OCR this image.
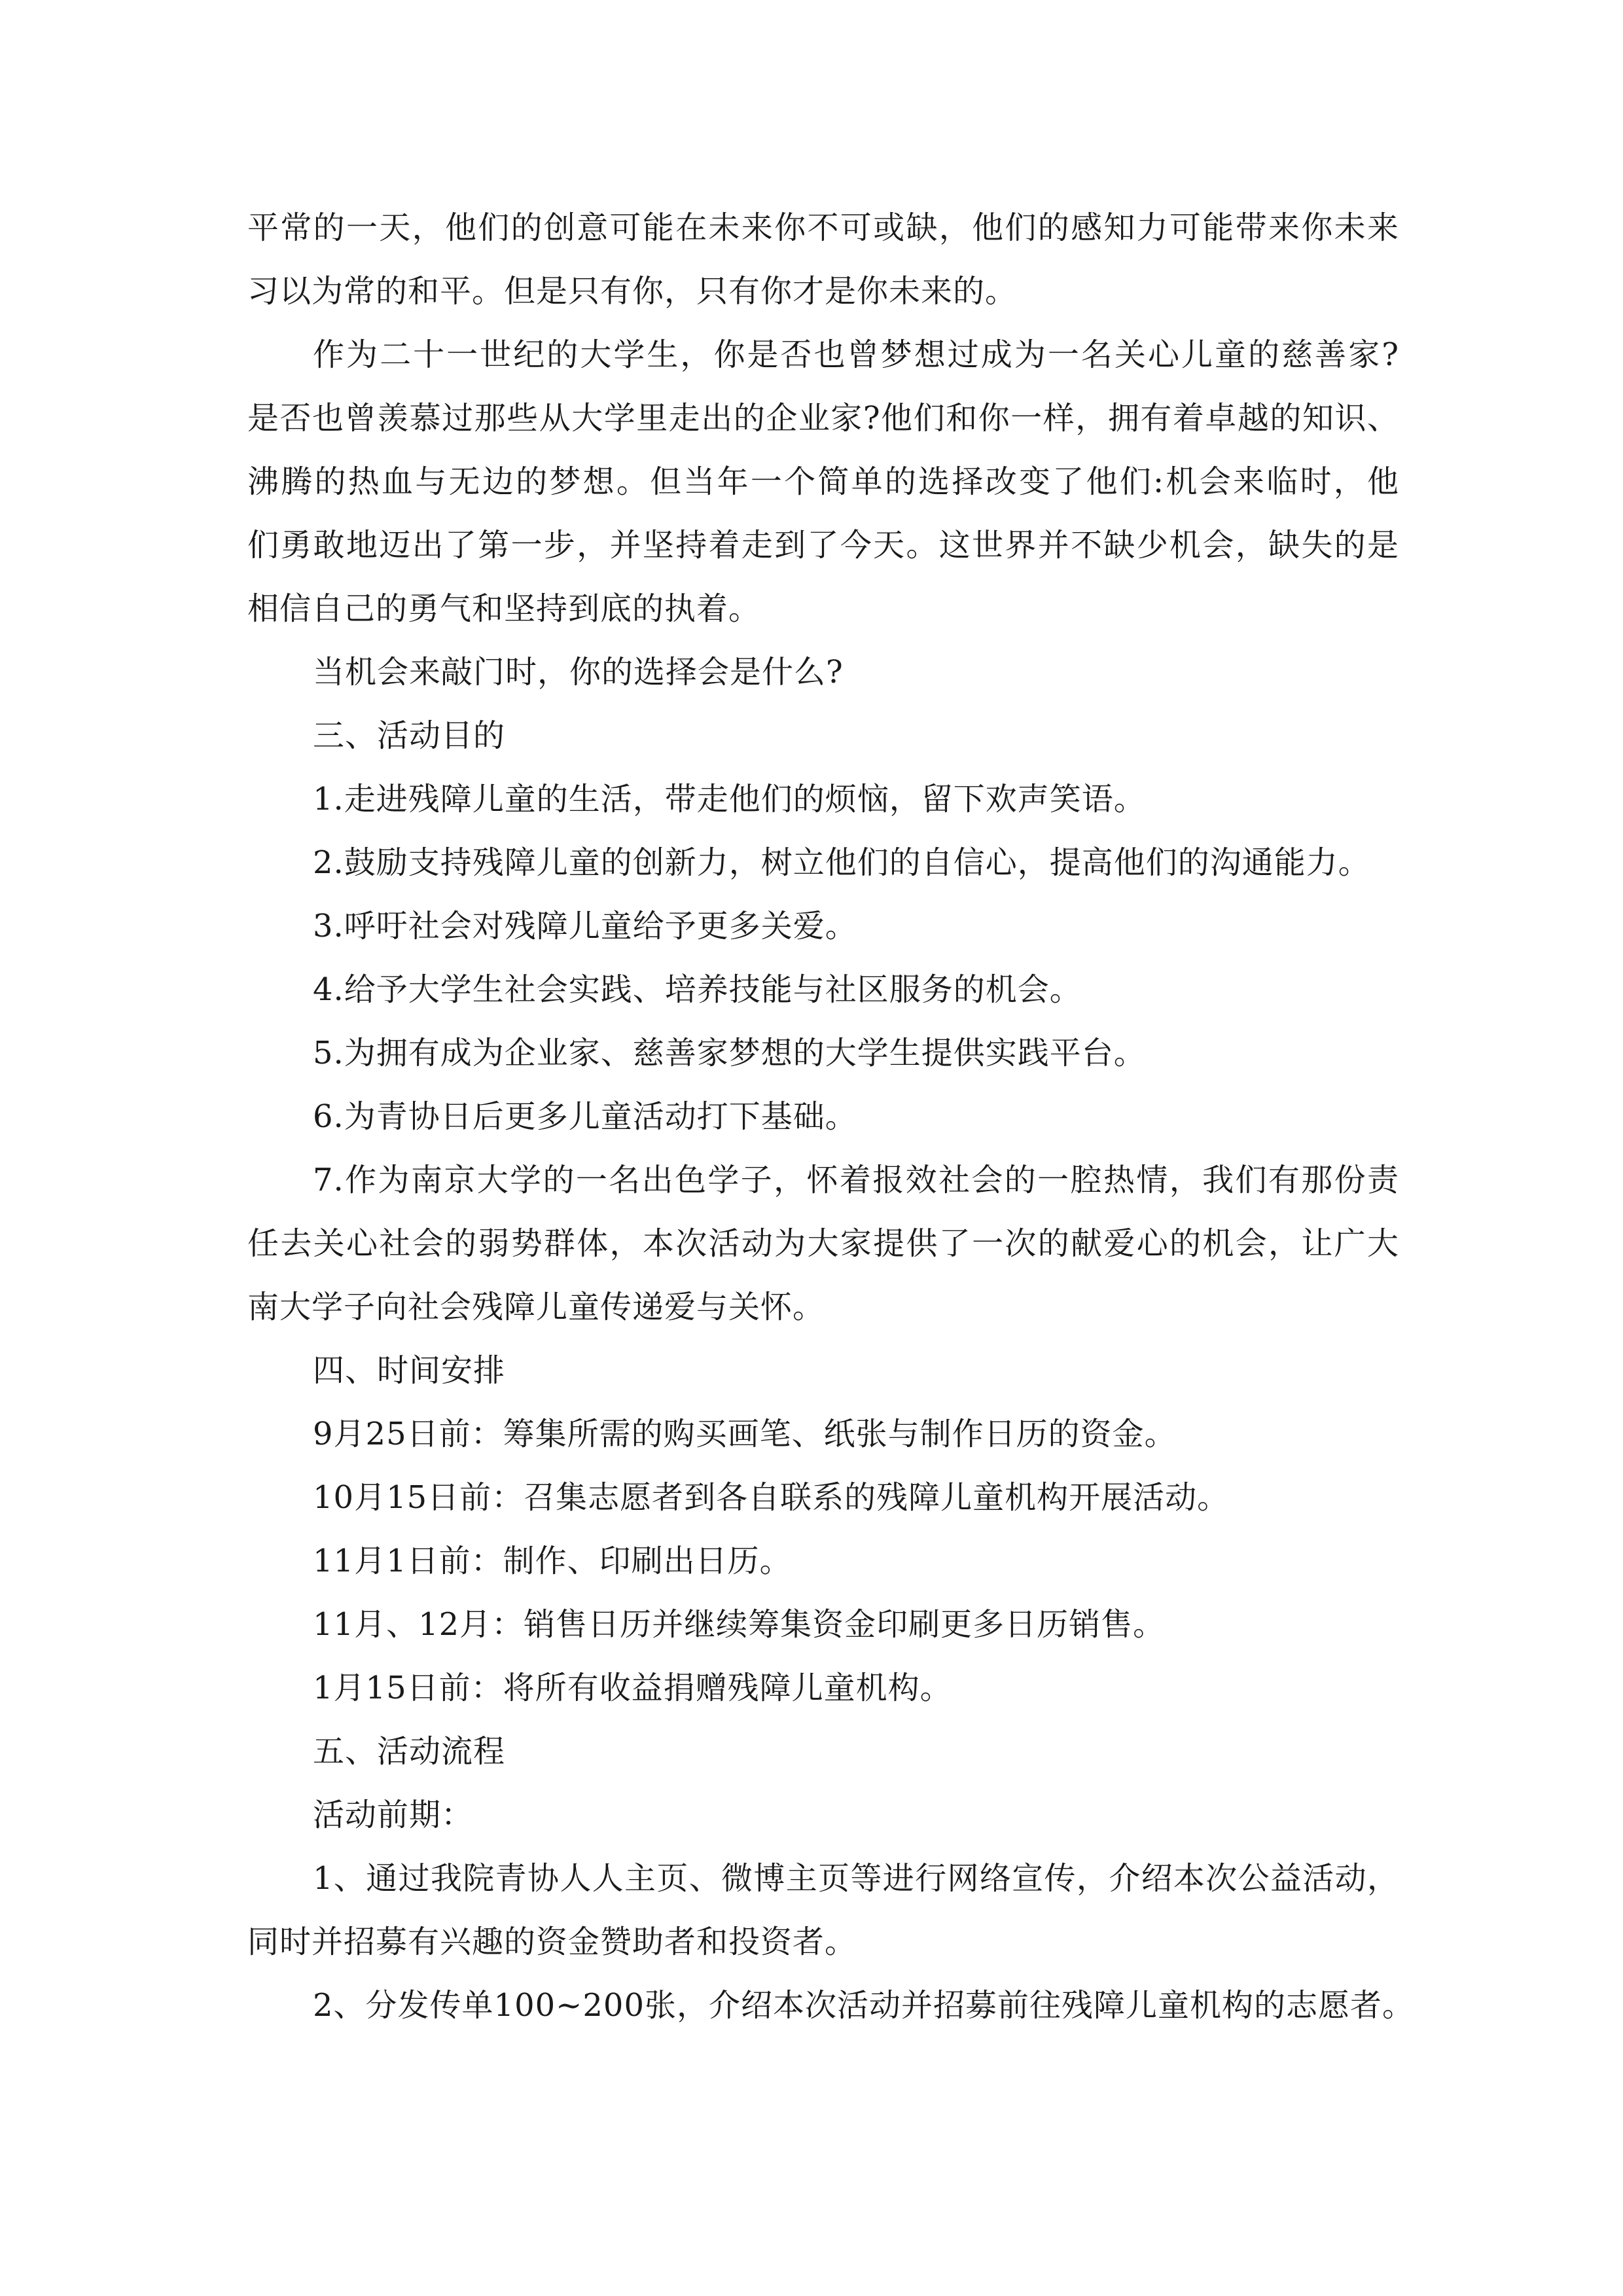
平常的一天，他们的创意可能在未来你不可或缺，他们的感知力可能带来你未来
习以为常的和平。但是只有你，只有你才是你未来的。
作为二十一世纪的大学生，你是否也曾梦想过成为一名关心儿童的慈善家?
是否也曾羡慕过那些从大学里走出的企业家?他们和你一样，拥有着卓越的知识、
沸腾的热血与无边的梦想。但当年一个简单的选择改变了他们:机会来临时，他
们勇敢地迈出了第一步，并坚持着走到了今天。这世界并不缺少机会，缺失的是
相信自己的勇气和坚持到底的执着。
当机会来敲门时，你的选择会是什么?
三、活动目的
1.走进残障儿童的生活，带走他们的烦恼，留下欢声笑语。
2.鼓励支持残障儿童的创新力，树立他们的自信心，提高他们的沟通能力。
3.呼吁社会对残障儿童给予更多关爱。
4.给予大学生社会实践、培养技能与社区服务的机会。
5.为拥有成为企业家、慈善家梦想的大学生提供实践平台。
6.为青协日后更多儿童活动打下基础。
7.作为南京大学的一名出色学子，怀着报效社会的一腔热情，我们有那份责
任去关心社会的弱势群体，本次活动为大家提供了一次的献爱心的机会，让广大
南大学子向社会残障儿童传递爱与关怀。
四、时间安排
9月25日前：筹集所需的购买画笔、纸张与制作日历的资金。
10月15日前：召集志愿者到各自联系的残障儿童机构开展活动。
11月1日前：制作、印刷出日历。
11月、12月：销售日历并继续筹集资金印刷更多日历销售。
1月15日前：将所有收益捐赠残障儿童机构。
五、活动流程
活动前期：
1、通过我院青协人人主页、微博主页等进行网络宣传，介绍本次公益活动，
同时并招募有兴趣的资金赞助者和投资者。
2、分发传单100~200张，介绍本次活动并招募前往残障儿童机构的志愿者。
